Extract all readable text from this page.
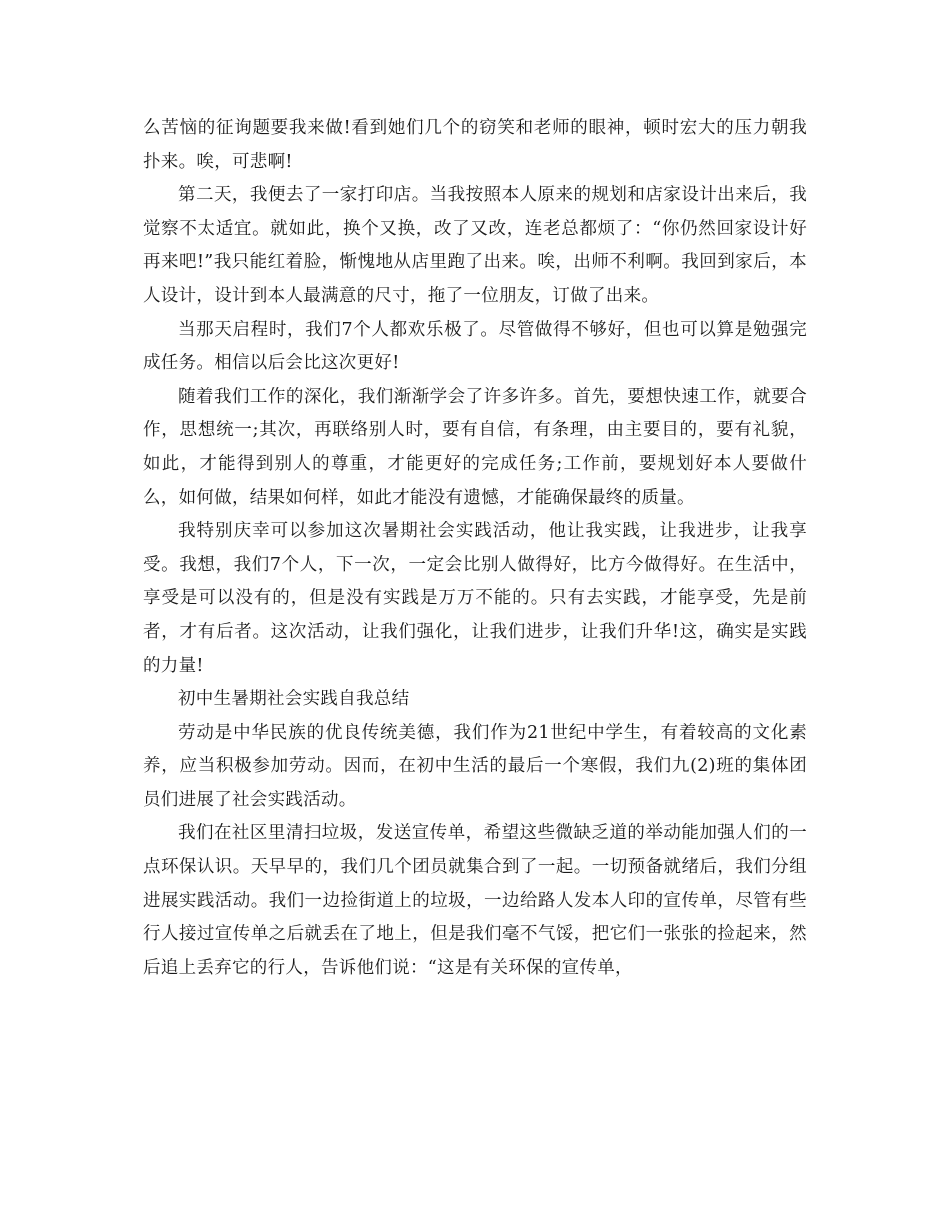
么苦恼的征询题要我来做!看到她们几个的窃笑和老师的眼神，顿时宏大的压力朝我扑来。唉，可悲啊!

第二天，我便去了一家打印店。当我按照本人原来的规划和店家设计出来后，我觉察不太适宜。就如此，换个又换，改了又改，连老总都烦了：“你仍然回家设计好再来吧!”我只能红着脸，惭愧地从店里跑了出来。唉，出师不利啊。我回到家后，本人设计，设计到本人最满意的尺寸，拖了一位朋友，订做了出来。

当那天启程时，我们7个人都欢乐极了。尽管做得不够好，但也可以算是勉强完成任务。相信以后会比这次更好!

随着我们工作的深化，我们渐渐学会了许多许多。首先，要想快速工作，就要合作，思想统一;其次，再联络别人时，要有自信，有条理，由主要目的，要有礼貌，如此，才能得到别人的尊重，才能更好的完成任务;工作前，要规划好本人要做什么，如何做，结果如何样，如此才能没有遗憾，才能确保最终的质量。

我特别庆幸可以参加这次暑期社会实践活动，他让我实践，让我进步，让我享受。我想，我们7个人，下一次，一定会比别人做得好，比方今做得好。在生活中，享受是可以没有的，但是没有实践是万万不能的。只有去实践，才能享受，先是前者，才有后者。这次活动，让我们强化，让我们进步，让我们升华!这，确实是实践的力量!

初中生暑期社会实践自我总结

劳动是中华民族的优良传统美德，我们作为21世纪中学生，有着较高的文化素养，应当积极参加劳动。因而，在初中生活的最后一个寒假，我们九(2)班的集体团员们进展了社会实践活动。

我们在社区里清扫垃圾，发送宣传单，希望这些微缺乏道的举动能加强人们的一点环保认识。天早早的，我们几个团员就集合到了一起。一切预备就绪后，我们分组进展实践活动。我们一边捡街道上的垃圾，一边给路人发本人印的宣传单，尽管有些行人接过宣传单之后就丢在了地上，但是我们毫不气馁，把它们一张张的捡起来，然后追上丢弃它的行人，告诉他们说：“这是有关环保的宣传单，
